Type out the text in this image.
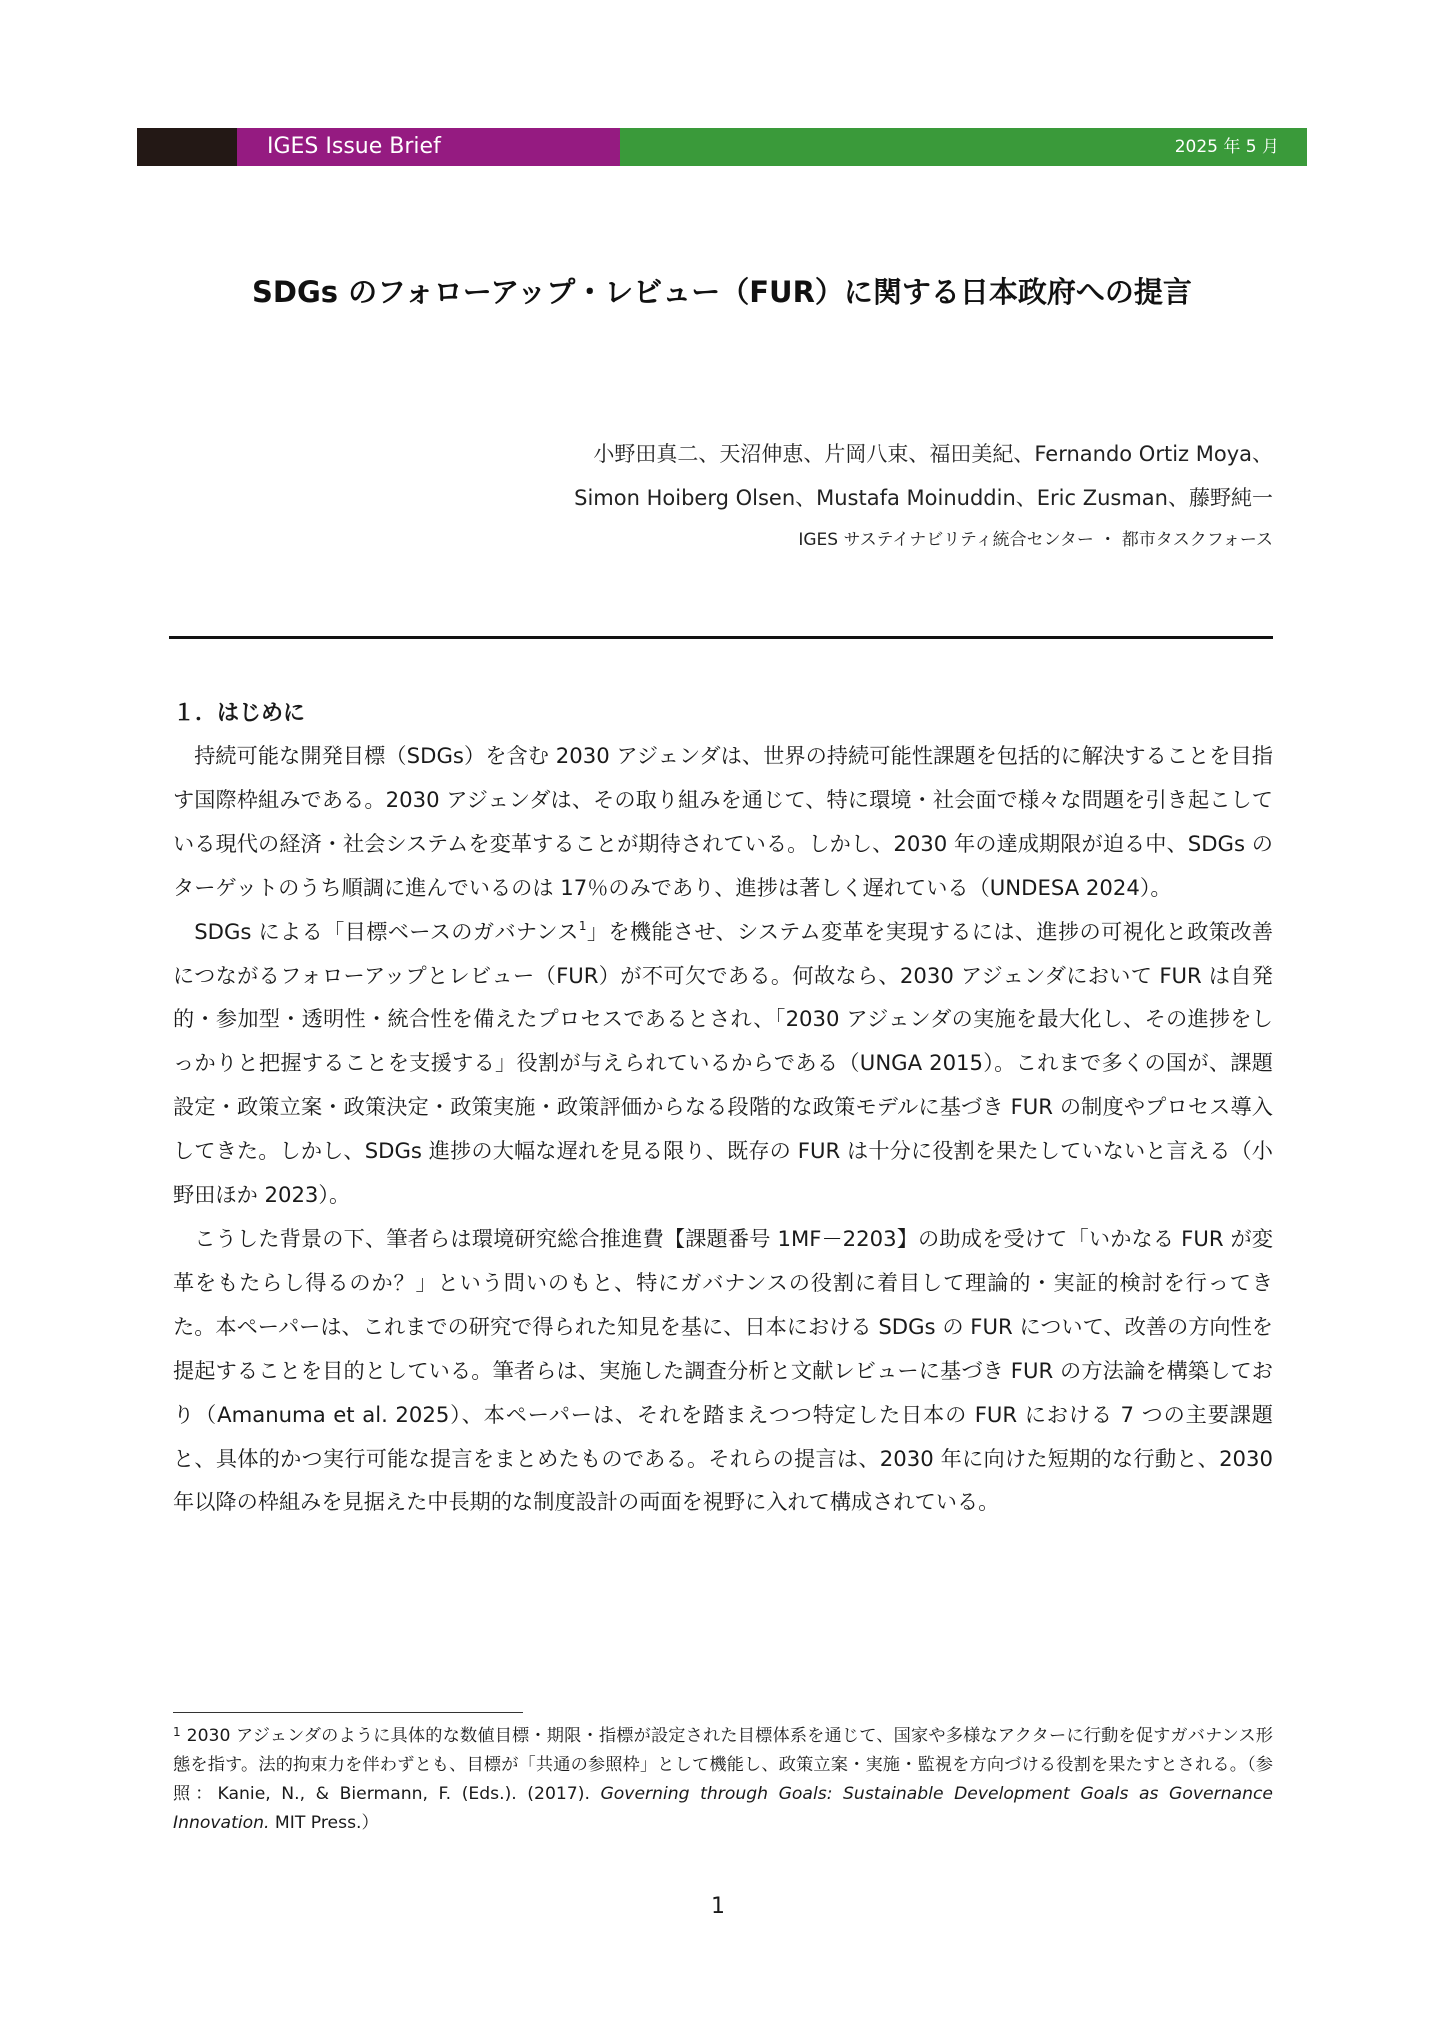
IGES Issue Brief	2025 年 5 月
SDGs のフォローアップ・レビュー（FUR）に関する日本政府への提言
小野田真二、天沼伸恵、片岡八束、福田美紀、Fernando Ortiz Moya、
Simon Hoiberg Olsen、Mustafa Moinuddin、Eric Zusman、藤野純一
IGES サステイナビリティ統合センター ・ 都市タスクフォース
１．はじめに

持続可能な開発目標（SDGs）を含む 2030 アジェンダは、世界の持続可能性課題を包括的に解決することを目指す国際枠組みである。2030 アジェンダは、その取り組みを通じて、特に環境・社会面で様々な問題を引き起こしている現代の経済・社会システムを変革することが期待されている。しかし、2030 年の達成期限が迫る中、SDGs のターゲットのうち順調に進んでいるのは 17％のみであり、進捗は著しく遅れている（UNDESA 2024）。

SDGs による「目標ベースのガバナンス$^1$」を機能させ、システム変革を実現するには、進捗の可視化と政策改善につながるフォローアップとレビュー（FUR）が不可欠である。何故なら、2030 アジェンダにおいて FUR は自発的・参加型・透明性・統合性を備えたプロセスであるとされ、「2030 アジェンダの実施を最大化し、その進捗をしっかりと把握することを支援する」役割が与えられているからである（UNGA 2015）。これまで多くの国が、課題設定・政策立案・政策決定・政策実施・政策評価からなる段階的な政策モデルに基づき FUR の制度やプロセス導入してきた。しかし、SDGs 進捗の大幅な遅れを見る限り、既存の FUR は十分に役割を果たしていないと言える（小野田ほか 2023）。

こうした背景の下、筆者らは環境研究総合推進費【課題番号 1MF－2203】の助成を受けて「いかなる FUR が変革をもたらし得るのか？」という問いのもと、特にガバナンスの役割に着目して理論的・実証的検討を行ってきた。本ペーパーは、これまでの研究で得られた知見を基に、日本における SDGs の FUR について、改善の方向性を提起することを目的としている。筆者らは、実施した調査分析と文献レビューに基づき FUR の方法論を構築しており（Amanuma et al. 2025）、本ペーパーは、それを踏まえつつ特定した日本の FUR における 7 つの主要課題と、具体的かつ実行可能な提言をまとめたものである。それらの提言は、2030 年に向けた短期的な行動と、2030 年以降の枠組みを見据えた中長期的な制度設計の両面を視野に入れて構成されている。

$^1$ 2030 アジェンダのように具体的な数値目標・期限・指標が設定された目標体系を通じて、国家や多様なアクターに行動を促すガバナンス形態を指す。法的拘束力を伴わずとも、目標が「共通の参照枠」として機能し、政策立案・実施・監視を方向づける役割を果たすとされる。（参照：Kanie, N., & Biermann, F. (Eds.). (2017). Governing through Goals: Sustainable Development Goals as Governance Innovation. MIT Press.）
1
